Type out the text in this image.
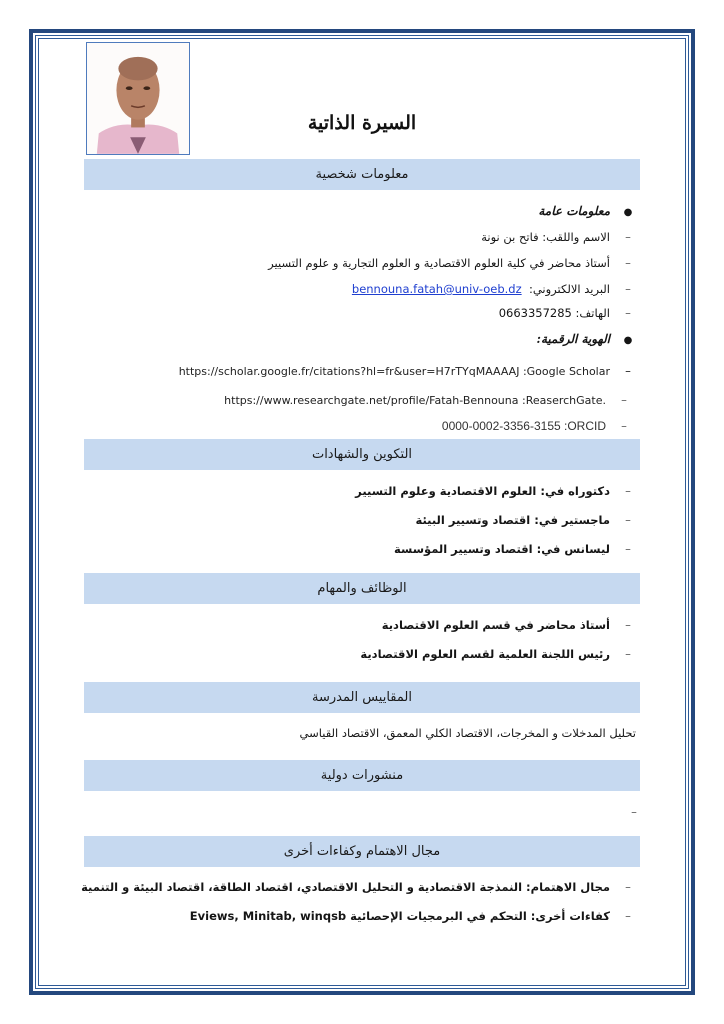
السيرة الذاتية
معلومات شخصية
●معلومات عامة
–الاسم واللقب: فاتح بن نونة
–أستاذ محاضر في كلية العلوم الاقتصادية و العلوم التجارية و علوم التسيير
–البريد الالكتروني:  bennouna.fatah@univ-oeb.dz
–الهاتف: 0663357285
●الهوية الرقمية:
–https://scholar.google.fr/citations?hl=fr&user=H7rTYqMAAAAJ :Google Scholar
–https://www.researchgate.net/profile/Fatah-Bennouna :ReaserchGate.
–0000-0002-3356-3155 :ORCID
التكوين والشهادات
–دكتوراه في: العلوم الاقتصادية وعلوم التسيير
–ماجستير في: اقتصاد وتسيير البيئة
–ليسانس في: اقتصاد وتسيير المؤسسة
الوظائف والمهام
–أستاذ محاضر في قسم العلوم الاقتصادية
–رئيس اللجنة العلمية لقسم العلوم الاقتصادية
المقاييس المدرسة
تحليل المدخلات و المخرجات، الاقتصاد الكلي المعمق، الاقتصاد القياسي
منشورات دولية
–
مجال الاهتمام وكفاءات أخرى
–مجال الاهتمام: النمذجة الاقتصادية و التحليل الاقتصادي، اقتصاد الطاقة، اقتصاد البيئة و التنمية
–كفاءات أخرى: التحكم في البرمجيات الإحصائية Eviews, Minitab, winqsb
